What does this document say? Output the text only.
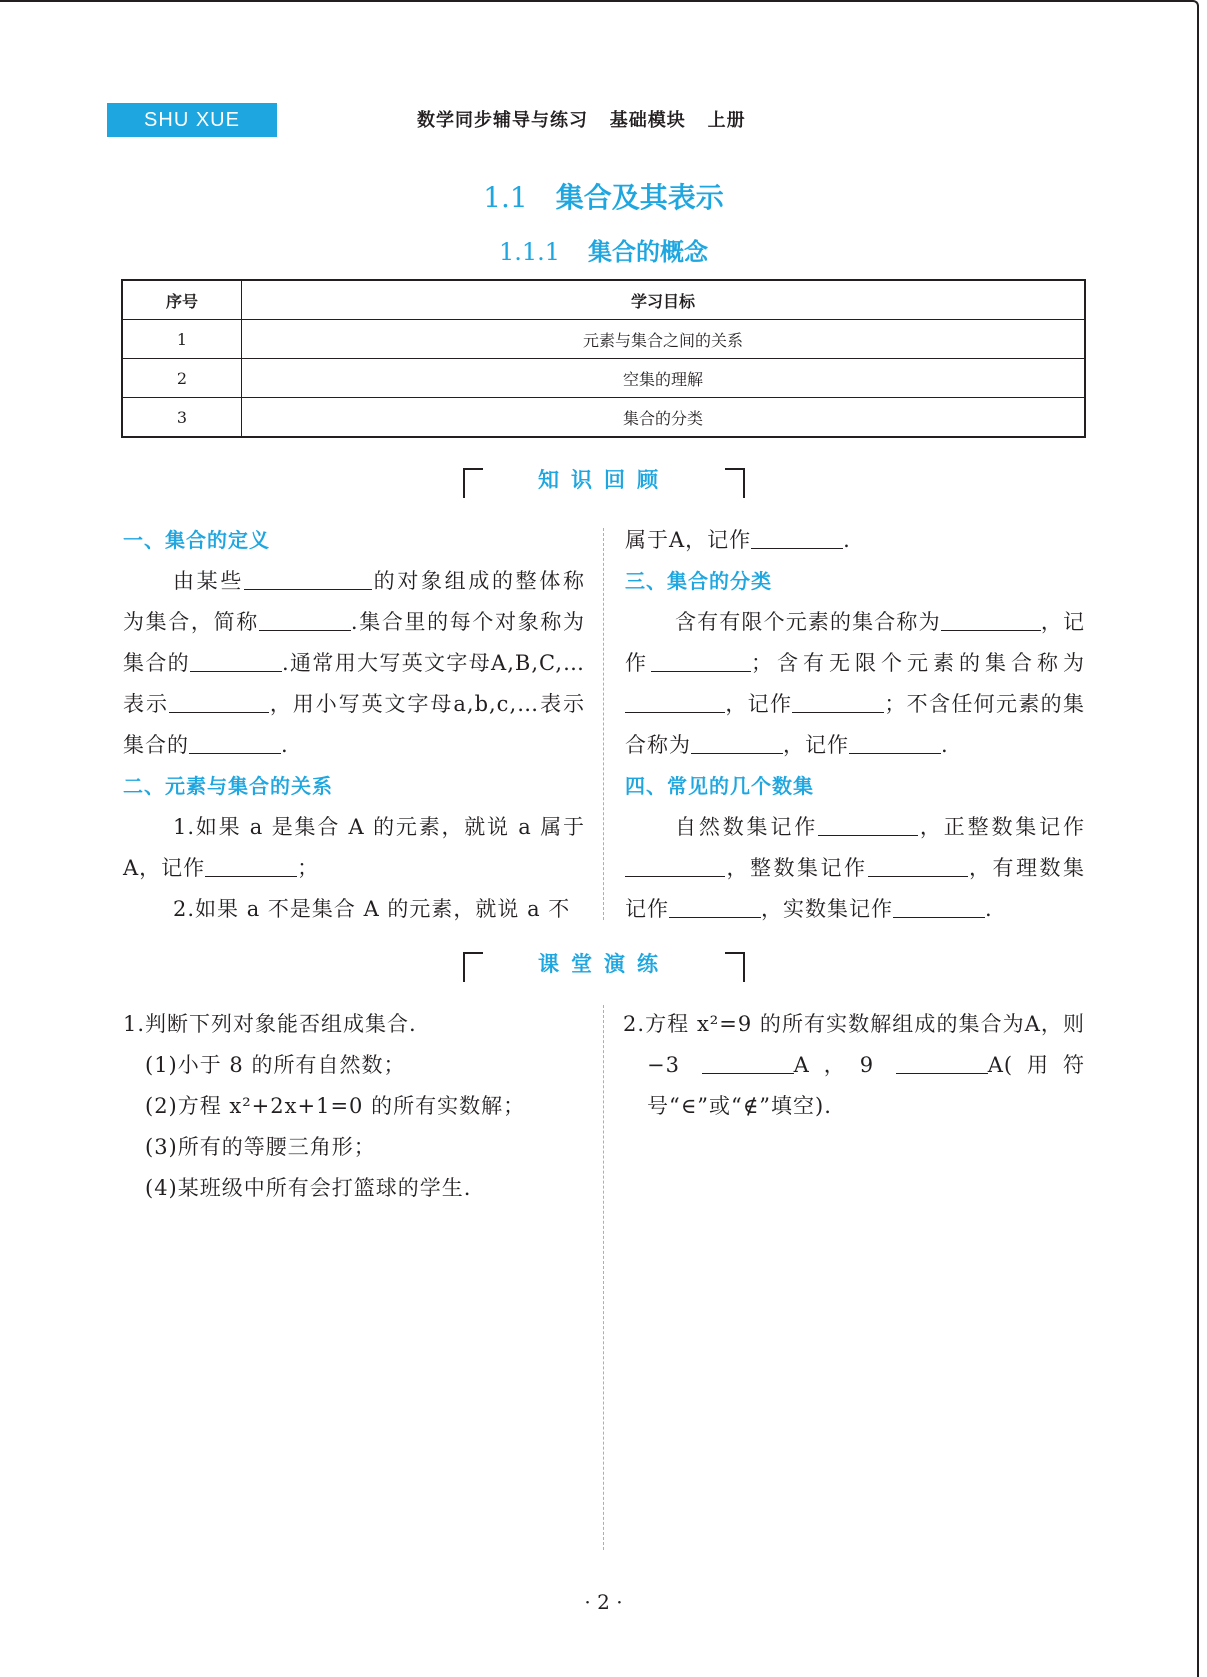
SHU XUE	数学同步辅导与练习   基础模块   上册
1.1 集合及其表示
1.1.1 集合的概念
序号	学习目标
1	元素与集合之间的关系
2	空集的理解
3	集合的分类
知识回顾

一、集合的定义

由某些	的对象组成的整体称为集合，简称	.集合里的每个对象称为集合的	.通常用大写英文字母A,B,C,…表示	，用小写英文字母a,b,c,…表示集合的	.

二、元素与集合的关系

1.如果 a 是集合 A 的元素，就说 a 属于A，记作	；

2.如果 a 不是集合 A 的元素，就说 a 不

属于A，记作	.

三、集合的分类

含有有限个元素的集合称为	，记作	；含有无限个元素的集合称为，记作	；不含任何元素的集合称为	，记作	.

四、常见的几个数集

自然数集记作	，正整数集记作，整数集记作	，有理数集记作	，实数集记作	.

课堂演练

1.判断下列对象能否组成集合.

(1)小于 8 的所有自然数；

(2)方程 x²+2x+1=0 的所有实数解；

(3)所有的等腰三角形；

(4)某班级中所有会打篮球的学生.

2.方程 x²=9 的所有实数解组成的集合为A，则−3	A，9	A(用符号“∈”或“∉”填空).

· 2 ·
